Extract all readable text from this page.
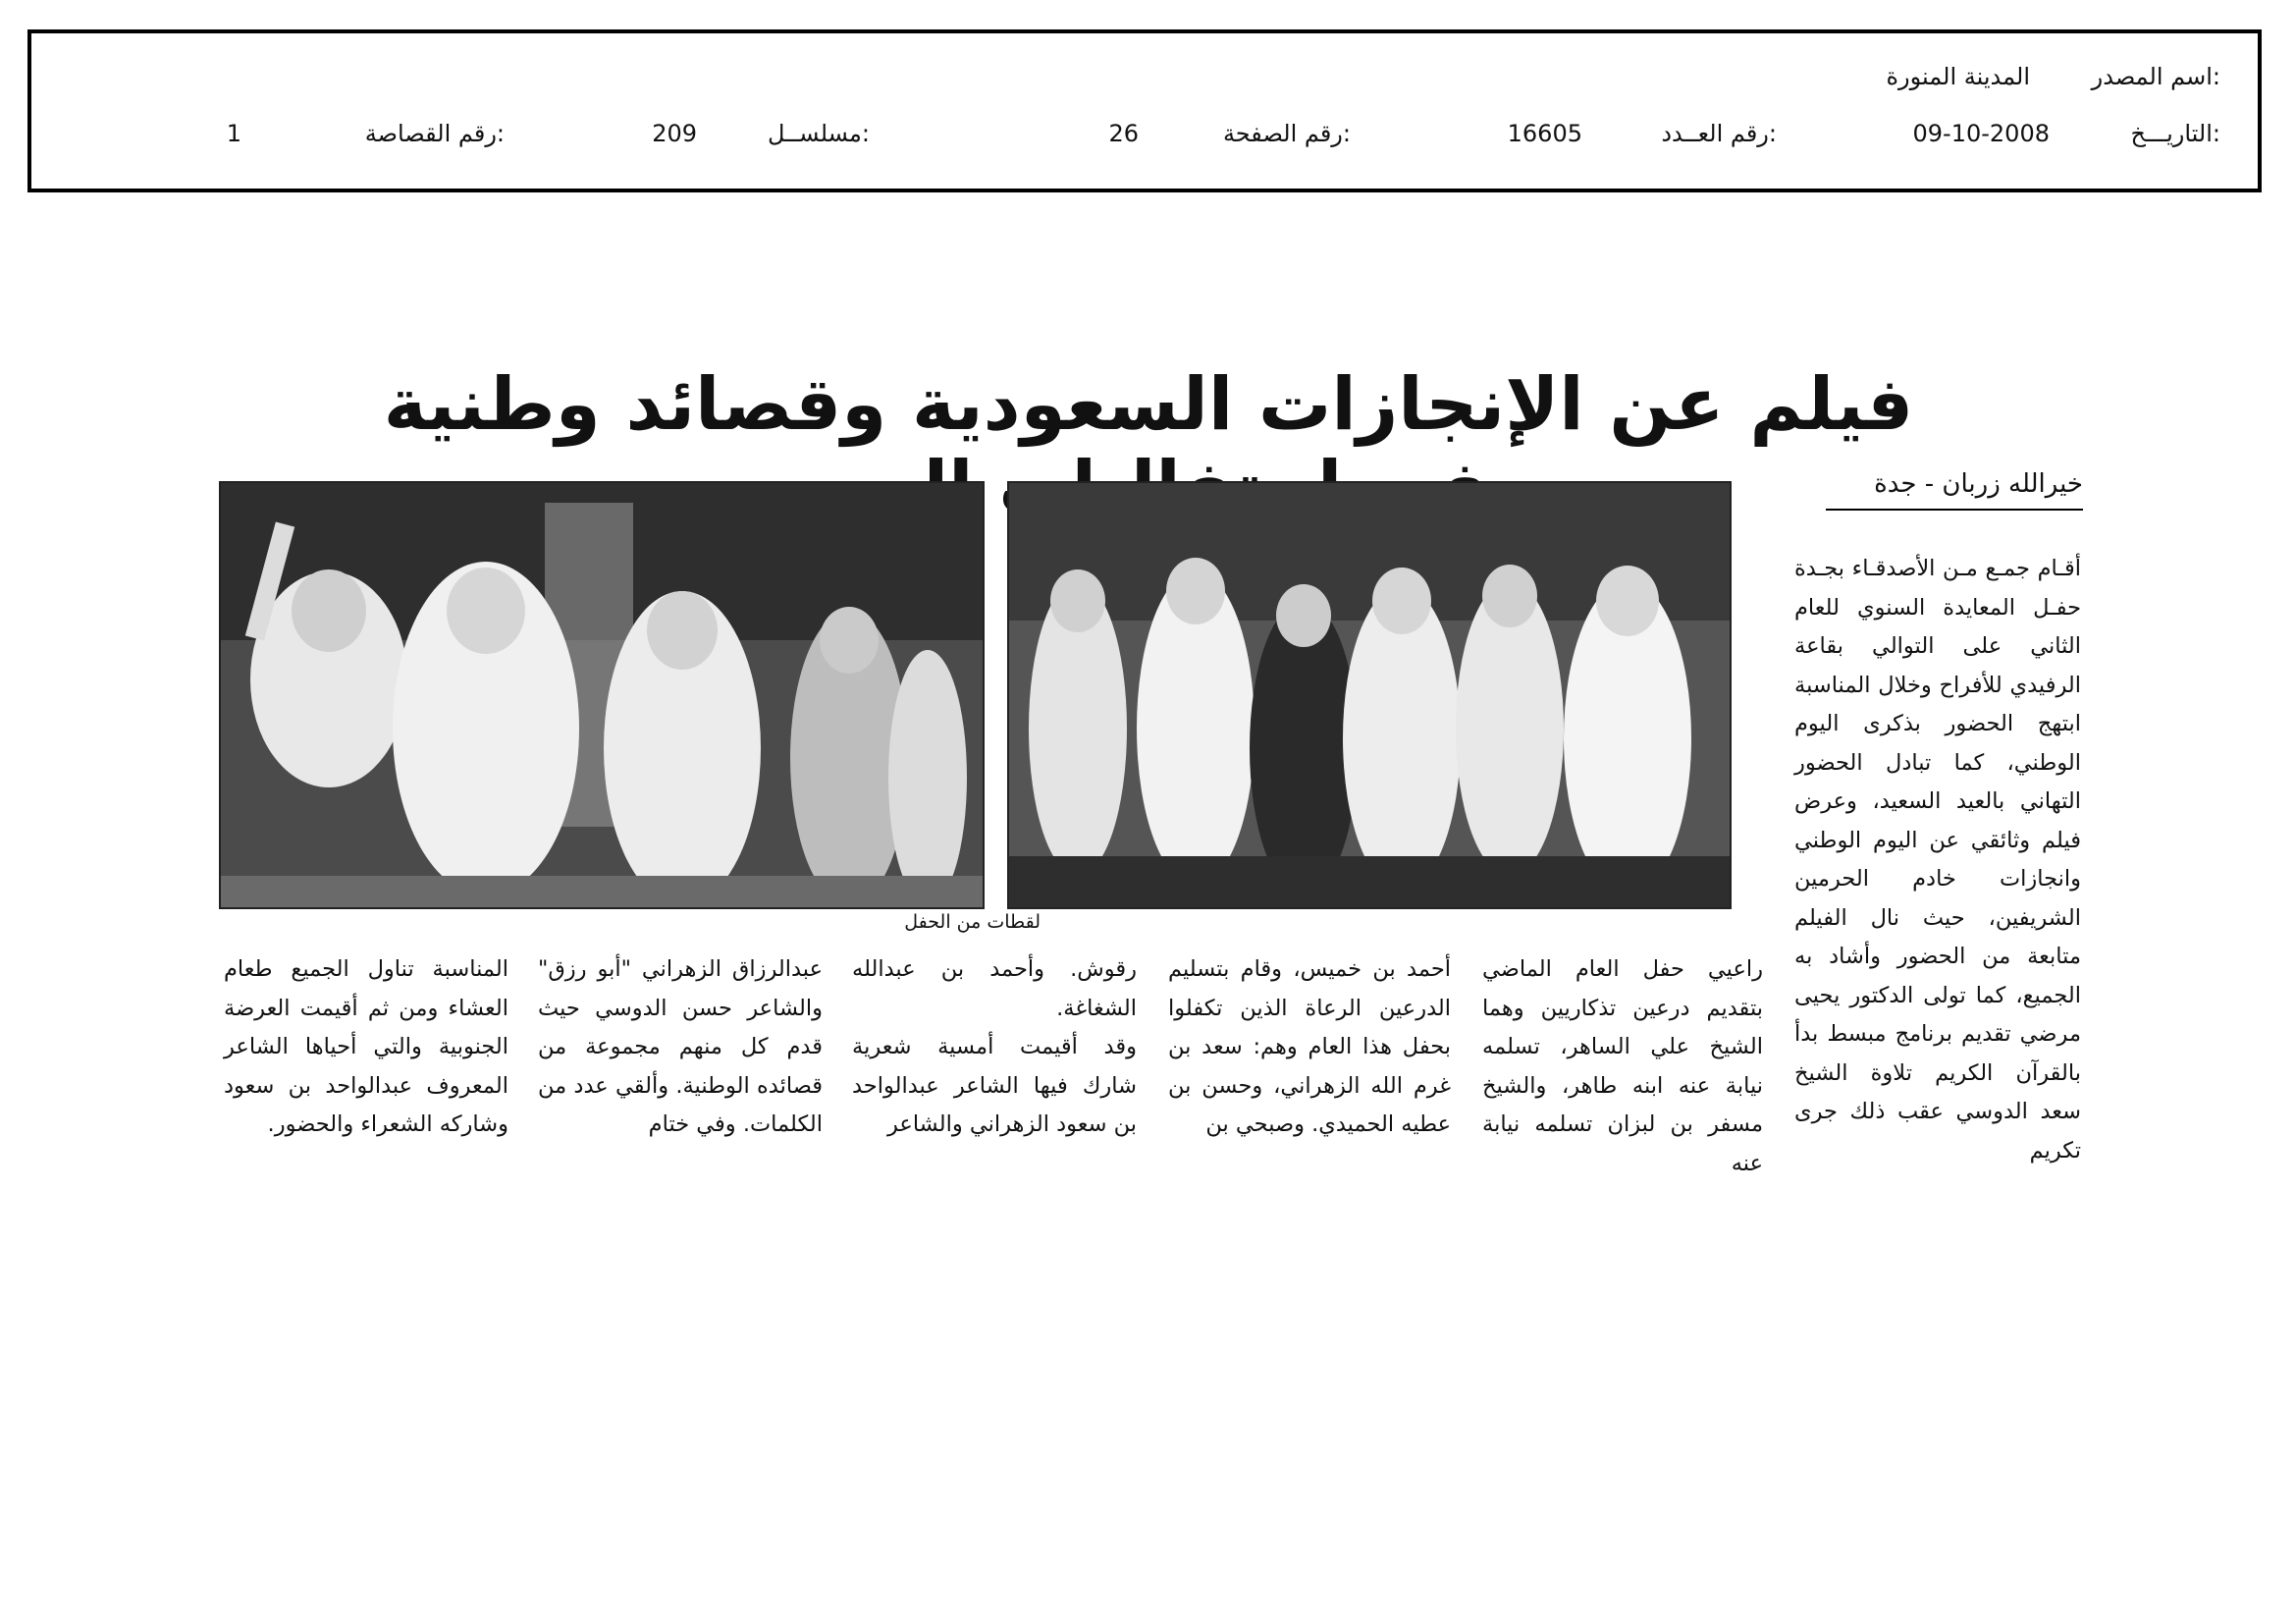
اسم المصدر:
المدينة المنورة
التاريـــخ:
09-10-2008
رقم العــدد:
16605
رقم الصفحة:
26
مسلســل:
209
رقم القصاصة:
1
فيلم عن الإنجازات السعودية وقصائد وطنية
خيرالله زربان - جدة
لقطات من الحفل

أقـام جمـع مـن الأصدقـاء بجـدة حفـل المعايدة السنوي للعام الثاني على التوالي بقاعة الرفيدي للأفراح وخلال المناسبة ابتهج الحضور بذكرى اليوم الوطني، كما تبادل الحضور التهاني بالعيد السعيد، وعرض فيلم وثائقي عن اليوم الوطني وانجازات خادم الحرمين الشريفين، حيث نال الفيلم متابعة من الحضور وأشاد به الجميع، كما تولى الدكتور يحيى مرضي تقديم برنامج مبسط بدأ بالقرآن الكريم تلاوة الشيخ سعد الدوسي عقب ذلك جرى تكريم

راعيي حفل العام الماضي بتقديم درعين تذكاريين وهما الشيخ علي الساهر، تسلمه نيابة عنه ابنه طاهر، والشيخ مسفر بن لبزان تسلمه نيابة عنه

أحمد بن خميس، وقام بتسليم الدرعين الرعاة الذين تكفلوا بحفل هذا العام وهم: سعد بن غرم الله الزهراني، وحسن بن عطيه الحميدي. وصبحي بن

رقوش. وأحمد بن عبدالله الشغاغة.

وقد أقيمت أمسية شعرية شارك فيها الشاعر عبدالواحد بن سعود الزهراني والشاعر

عبدالرزاق الزهراني "أبو رزق" والشاعر حسن الدوسي حيث قدم كل منهم مجموعة من قصائده الوطنية. وألقي عدد من الكلمات. وفي ختام

المناسبة تناول الجميع طعام العشاء ومن ثم أقيمت العرضة الجنوبية والتي أحياها الشاعر المعروف عبدالواحد بن سعود وشاركه الشعراء والحضور.
